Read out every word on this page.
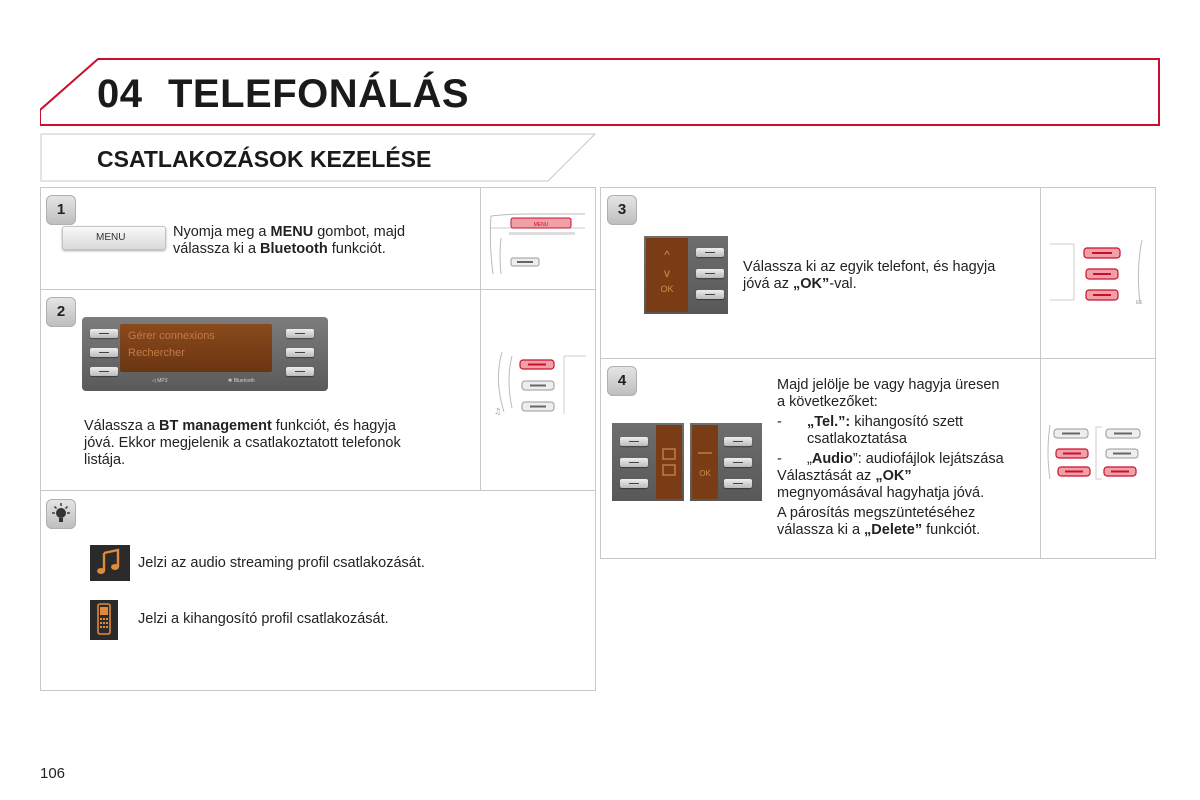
04 TELEFONÁLÁS
CSATLAKOZÁSOK KEZELÉSE
1
MENU	Nyomja meg a MENU gombot, majd
válassza ki a Bluetooth funkciót.
MENU
2
Gérer connexions
Rechercher
◁ MP3	✱ Bluetooth
Válassza a BT management funkciót, és hagyja
jóvá. Ekkor megjelenik a csatlakoztatott telefonok
listája.
♫
Jelzi az audio streaming profil csatlakozását.
Jelzi a kihangosító profil csatlakozását.
3
^
v
OK
Válassza ki az egyik telefont, és hagyja
jóvá az „OK”-val.
E5
4
OK
Majd jelölje be vagy hagyja üresen
a következőket:
-	„Tel.”: kihangosító szett
csatlakoztatása
-	„Audio”: audiofájlok lejátszása
Választását az „OK”
megnyomásával hagyhatja jóvá.
A párosítás megszüntetéséhez
válassza ki a „Delete” funkciót.
106
